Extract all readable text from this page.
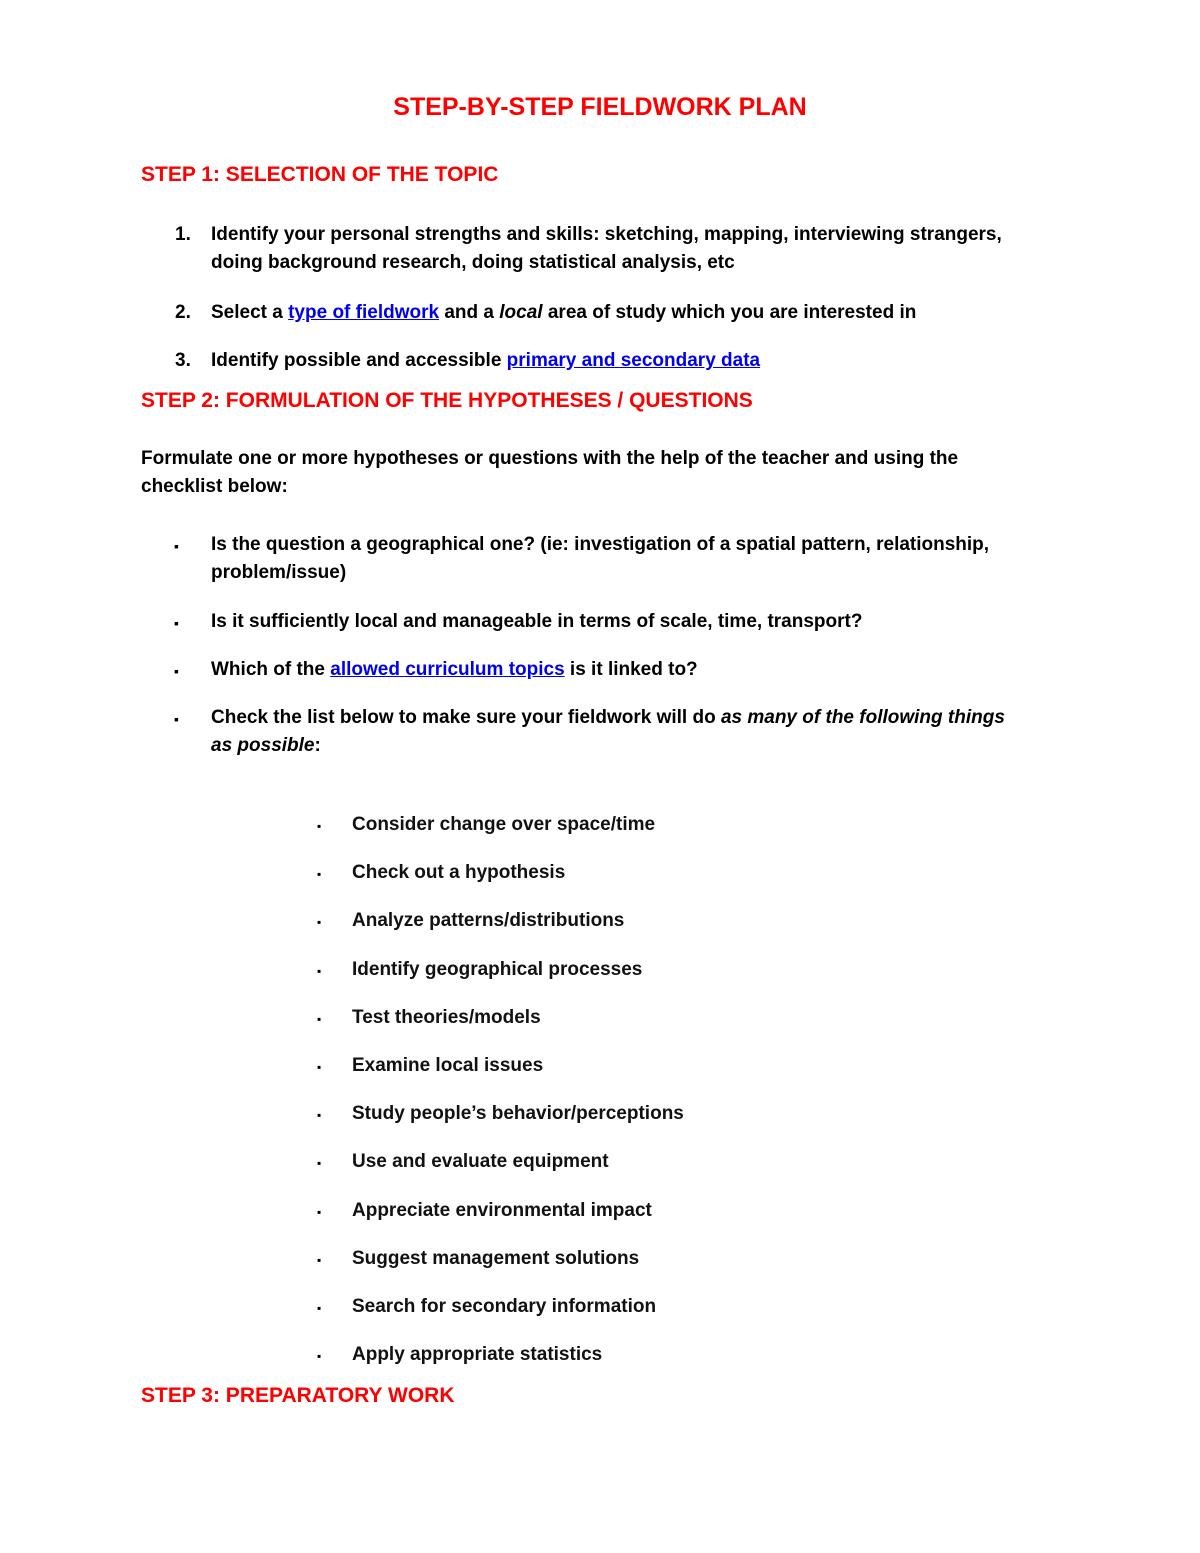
STEP-BY-STEP FIELDWORK PLAN
STEP 1: SELECTION OF THE TOPIC
1. Identify your personal strengths and skills: sketching, mapping, interviewing strangers,
doing background research, doing statistical analysis, etc
2. Select a type of fieldwork and a local area of study which you are interested in
3. Identify possible and accessible primary and secondary data
STEP 2: FORMULATION OF THE HYPOTHESES / QUESTIONS
Formulate one or more hypotheses or questions with the help of the teacher and using the
checklist below:
▪ Is the question a geographical one? (ie: investigation of a spatial pattern, relationship,
problem/issue)
▪ Is it sufficiently local and manageable in terms of scale, time, transport?
▪ Which of the allowed curriculum topics is it linked to?
▪ Check the list below to make sure your fieldwork will do as many of the following things
as possible:
▪ Consider change over space/time
▪ Check out a hypothesis
▪ Analyze patterns/distributions
▪ Identify geographical processes
▪ Test theories/models
▪ Examine local issues
▪ Study people’s behavior/perceptions
▪ Use and evaluate equipment
▪ Appreciate environmental impact
▪ Suggest management solutions
▪ Search for secondary information
▪ Apply appropriate statistics
STEP 3: PREPARATORY WORK
